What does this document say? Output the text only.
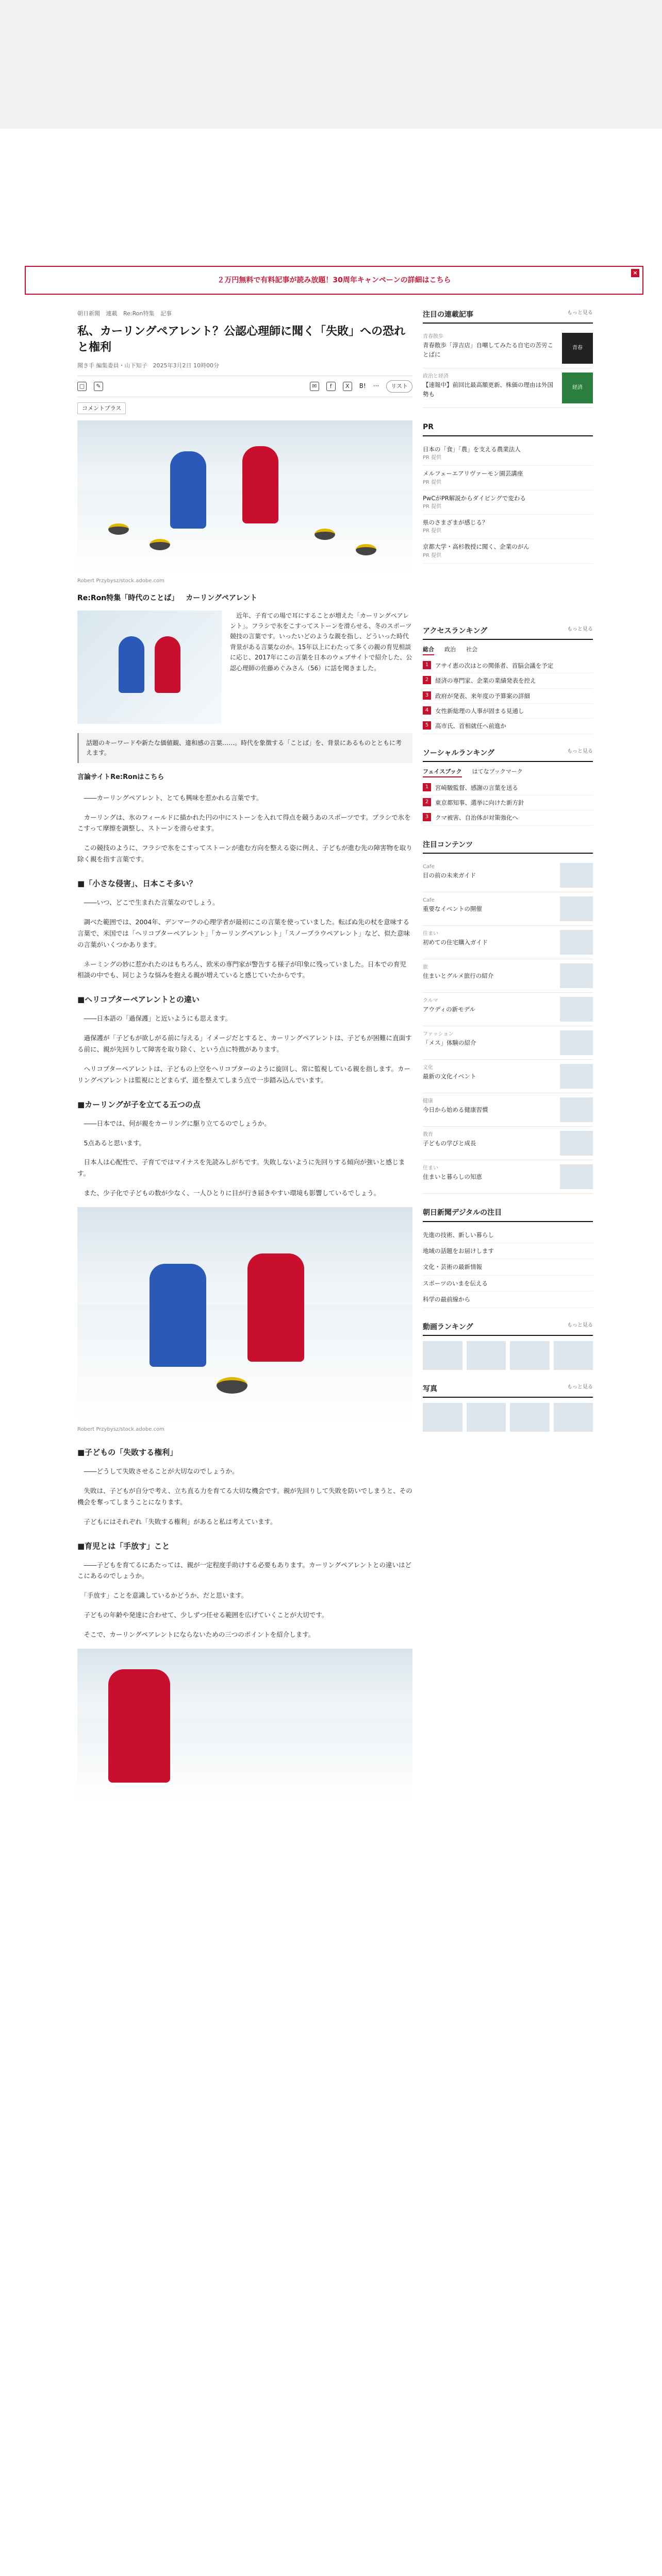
２万円無料で有料記事が読み放題！30周年キャンペーンの詳細はこちら
×
朝日新聞 連載 Re:Ron特集 記事
私、カーリングペアレント？公認心理師に聞く「失敗」への恐れと権利
聞き手 編集委員・山下知子　2025年3月2日 10時00分
▢	✎	✉	f	X	B! ···	リスト
コメントプラス
Robert Przybysz/stock.adobe.com
Re:Ron特集「時代のことば」 カーリングペアレント

　近年、子育ての場で耳にすることが増えた「カーリングペアレント」。フラシで氷をこすってストーンを滑らせる、冬のスポーツ競技の言葉です。いったいどのような親を指し、どういった時代背景がある言葉なのか。15年以上にわたって多くの親の育児相談に応じ、2017年にこの言葉を日本のウェブサイトで紹介した、公認心理師の佐藤めぐみさん（56）に話を聞きました。

話題のキーワードや新たな価値観、違和感の言葉……。時代を象徴する「ことば」を、背景にあるものとともに考えます。
言論サイトRe:Ronはこちら

　――カーリングペアレント、とても興味を惹かれる言葉です。

　カーリングは、氷のフィールドに描かれた円の中にストーンを入れて得点を競うあのスポーツです。ブラシで氷をこすって摩擦を調整し、ストーンを滑らせます。

　この競技のように、フラシで氷をこすってストーンが進む方向を整える姿に例え、子どもが進む先の障害物を取り除く親を指す言葉です。

■「小さな侵害」、日本こそ多い？

　――いつ、どこで生まれた言葉なのでしょう。

　調べた範囲では、2004年、デンマークの心理学者が最初にこの言葉を使っていました。転ばぬ先の杖を意味する言葉で、米国では「ヘリコプターペアレント」「カーリングペアレント」「スノープラウペアレント」など、似た意味の言葉がいくつかあります。

　ネーミングの妙に惹かれたのはもちろん、欧米の専門家が警告する様子が印象に残っていました。日本での育児相談の中でも、同じような悩みを抱える親が増えていると感じていたからです。

■ヘリコプターペアレントとの違い

　――日本語の「過保護」と近いようにも思えます。

　過保護が「子どもが欲しがる前に与える」イメージだとすると、カーリングペアレントは、子どもが困難に直面する前に、親が先回りして障害を取り除く、という点に特徴があります。

　ヘリコプターペアレントは、子どもの上空をヘリコプターのように旋回し、常に監視している親を指します。カーリングペアレントは監視にとどまらず、道を整えてしまう点で一歩踏み込んでいます。

■カーリングが子を立てる五つの点

　――日本では、何が親をカーリングに駆り立てるのでしょうか。

　5点あると思います。

　日本人は心配性で、子育てではマイナスを先読みしがちです。失敗しないように先回りする傾向が強いと感じます。

　また、少子化で子どもの数が少なく、一人ひとりに目が行き届きやすい環境も影響しているでしょう。

Robert Przybysz/stock.adobe.com
■子どもの「失敗する権利」

　――どうして失敗させることが大切なのでしょうか。

　失敗は、子どもが自分で考え、立ち直る力を育てる大切な機会です。親が先回りして失敗を防いでしまうと、その機会を奪ってしまうことになります。

　子どもにはそれぞれ「失敗する権利」があると私は考えています。

■育児とは「手放す」こと

　――子どもを育てるにあたっては、親が一定程度手助けする必要もあります。カーリングペアレントとの違いはどこにあるのでしょうか。

　「手放す」ことを意識しているかどうか、だと思います。

　子どもの年齢や発達に合わせて、少しずつ任せる範囲を広げていくことが大切です。

　そこで、カーリングペアレントにならないための三つのポイントを紹介します。

注目の連載記事	もっと見る
青春散歩
青春散歩「淳吉店」自嘲してみたる自宅の苦労ことばに
青春
政治と経済
【速報中】前回比最高額更新、株価の理由は外国勢も
経済
PR
日本の「食」「農」を支える農業法人
PR 提供
メルフェーエアリヴァーモン園芸講座
PR 提供
PwCがPR解説からダイビングで変わる
PR 提供
県のさまざまが感じる？
PR 提供
京都大学・高杉教授に聞く、企業のがん
PR 提供
アクセスランキング	もっと見る
総合 政治 社会
1	アサイ恵の次はとの関係者、首脳会議を予定
2	経済の専門家、企業の業績発表を控え
3	政府が発表、来年度の予算案の詳細
4	女性新総理の人事が固まる見通し
5	高市氏、首相就任へ前進か
ソーシャルランキング	もっと見る
フェイスブック はてなブックマーク
1	宮崎駿監督、感謝の言葉を送る
2	東京都知事、選挙に向けた新方針
3	クマ被害、自治体が対策強化へ
注目コンテンツ
Cafe
目の前の未来ガイド
Cafe
重要なイベントの開催
住まい
初めての住宅購入ガイド
旅
住まいとグルメ旅行の紹介
クルマ
アウディの新モデル
ファッション
「メス」体験の紹介
文化
最新の文化イベント
健康
今日から始める健康習慣
教育
子どもの学びと成長
住まい
住まいと暮らしの知恵
朝日新聞デジタルの注目
先進の技術、新しい暮らし
地域の話題をお届けします
文化・芸術の最新情報
スポーツのいまを伝える
科学の最前線から
動画ランキング	もっと見る
写真	もっと見る
